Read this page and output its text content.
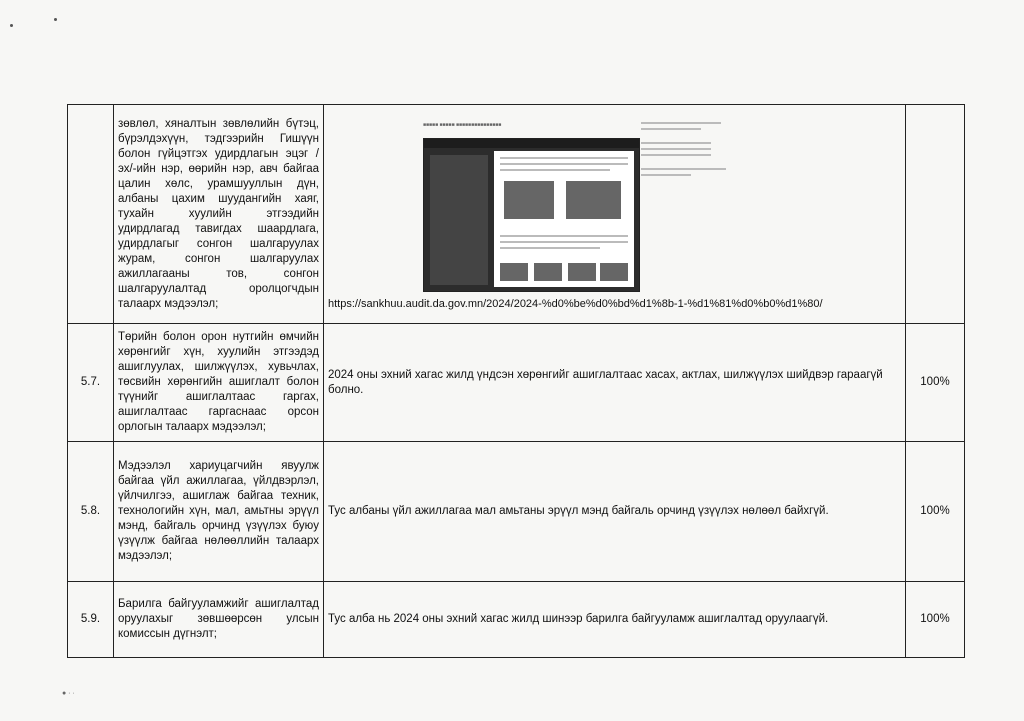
	зөвлөл, хяналтын зөвлөлийн бүтэц, бүрэлдэхүүн, тэдгээрийн Гишүүн болон гүйцэтгэх удирдлагын эцэг /эх/-ийн нэр, өөрийн нэр, авч байгаа цалин хөлс, урамшууллын дүн, албаны цахим шуудангийн хаяг, тухайн хуулийн этгээдийн удирдлагад тавигдах шаардлага, удирдлагыг сонгон шалгаруулах журам, сонгон шалгаруулах ажиллагааны тов, сонгон шалгаруулалтад оролцогчдын талаарх мэдээлэл;	■■■■■ ■■■■■ ■■■■■■■■■■■■■■■
https://sankhuu.audit.da.gov.mn/2024/2024-%d0%be%d0%bd%d1%8b-1-%d1%81%d0%b0%d1%80/	

5.7.	Төрийн болон орон нутгийн өмчийн хөрөнгийг хүн, хуулийн этгээдэд ашиглуулах, шилжүүлэх, хувьчлах, төсвийн хөрөнгийн ашиглалт болон түүнийг ашиглалтаас гаргах, ашиглалтаас гаргаснаас орсон орлогын талаарх мэдээлэл;	2024 оны эхний хагас жилд үндсэн хөрөнгийг ашиглалтаас хасах, актлах, шилжүүлэх шийдвэр гараагүй болно.	100%
5.8.	Мэдээлэл хариуцагчийн явуулж байгаа үйл ажиллагаа, үйлдвэрлэл, үйлчилгээ, ашиглаж байгаа техник, технологийн хүн, мал, амьтны эрүүл мэнд, байгаль орчинд үзүүлэх буюу үзүүлж байгаа нөлөөллийн талаарх мэдээлэл;	Тус албаны үйл ажиллагаа мал амьтаны эрүүл мэнд байгаль орчинд үзүүлэх нөлөөл байхгүй.	100%
5.9.	Барилга байгууламжийг ашиглалтад оруулахыг зөвшөөрсөн улсын комиссын дүгнэлт;	Тус алба нь 2024 оны эхний хагас жилд шинээр барилга байгууламж ашиглалтад оруулаагүй.	100%
● · ·
